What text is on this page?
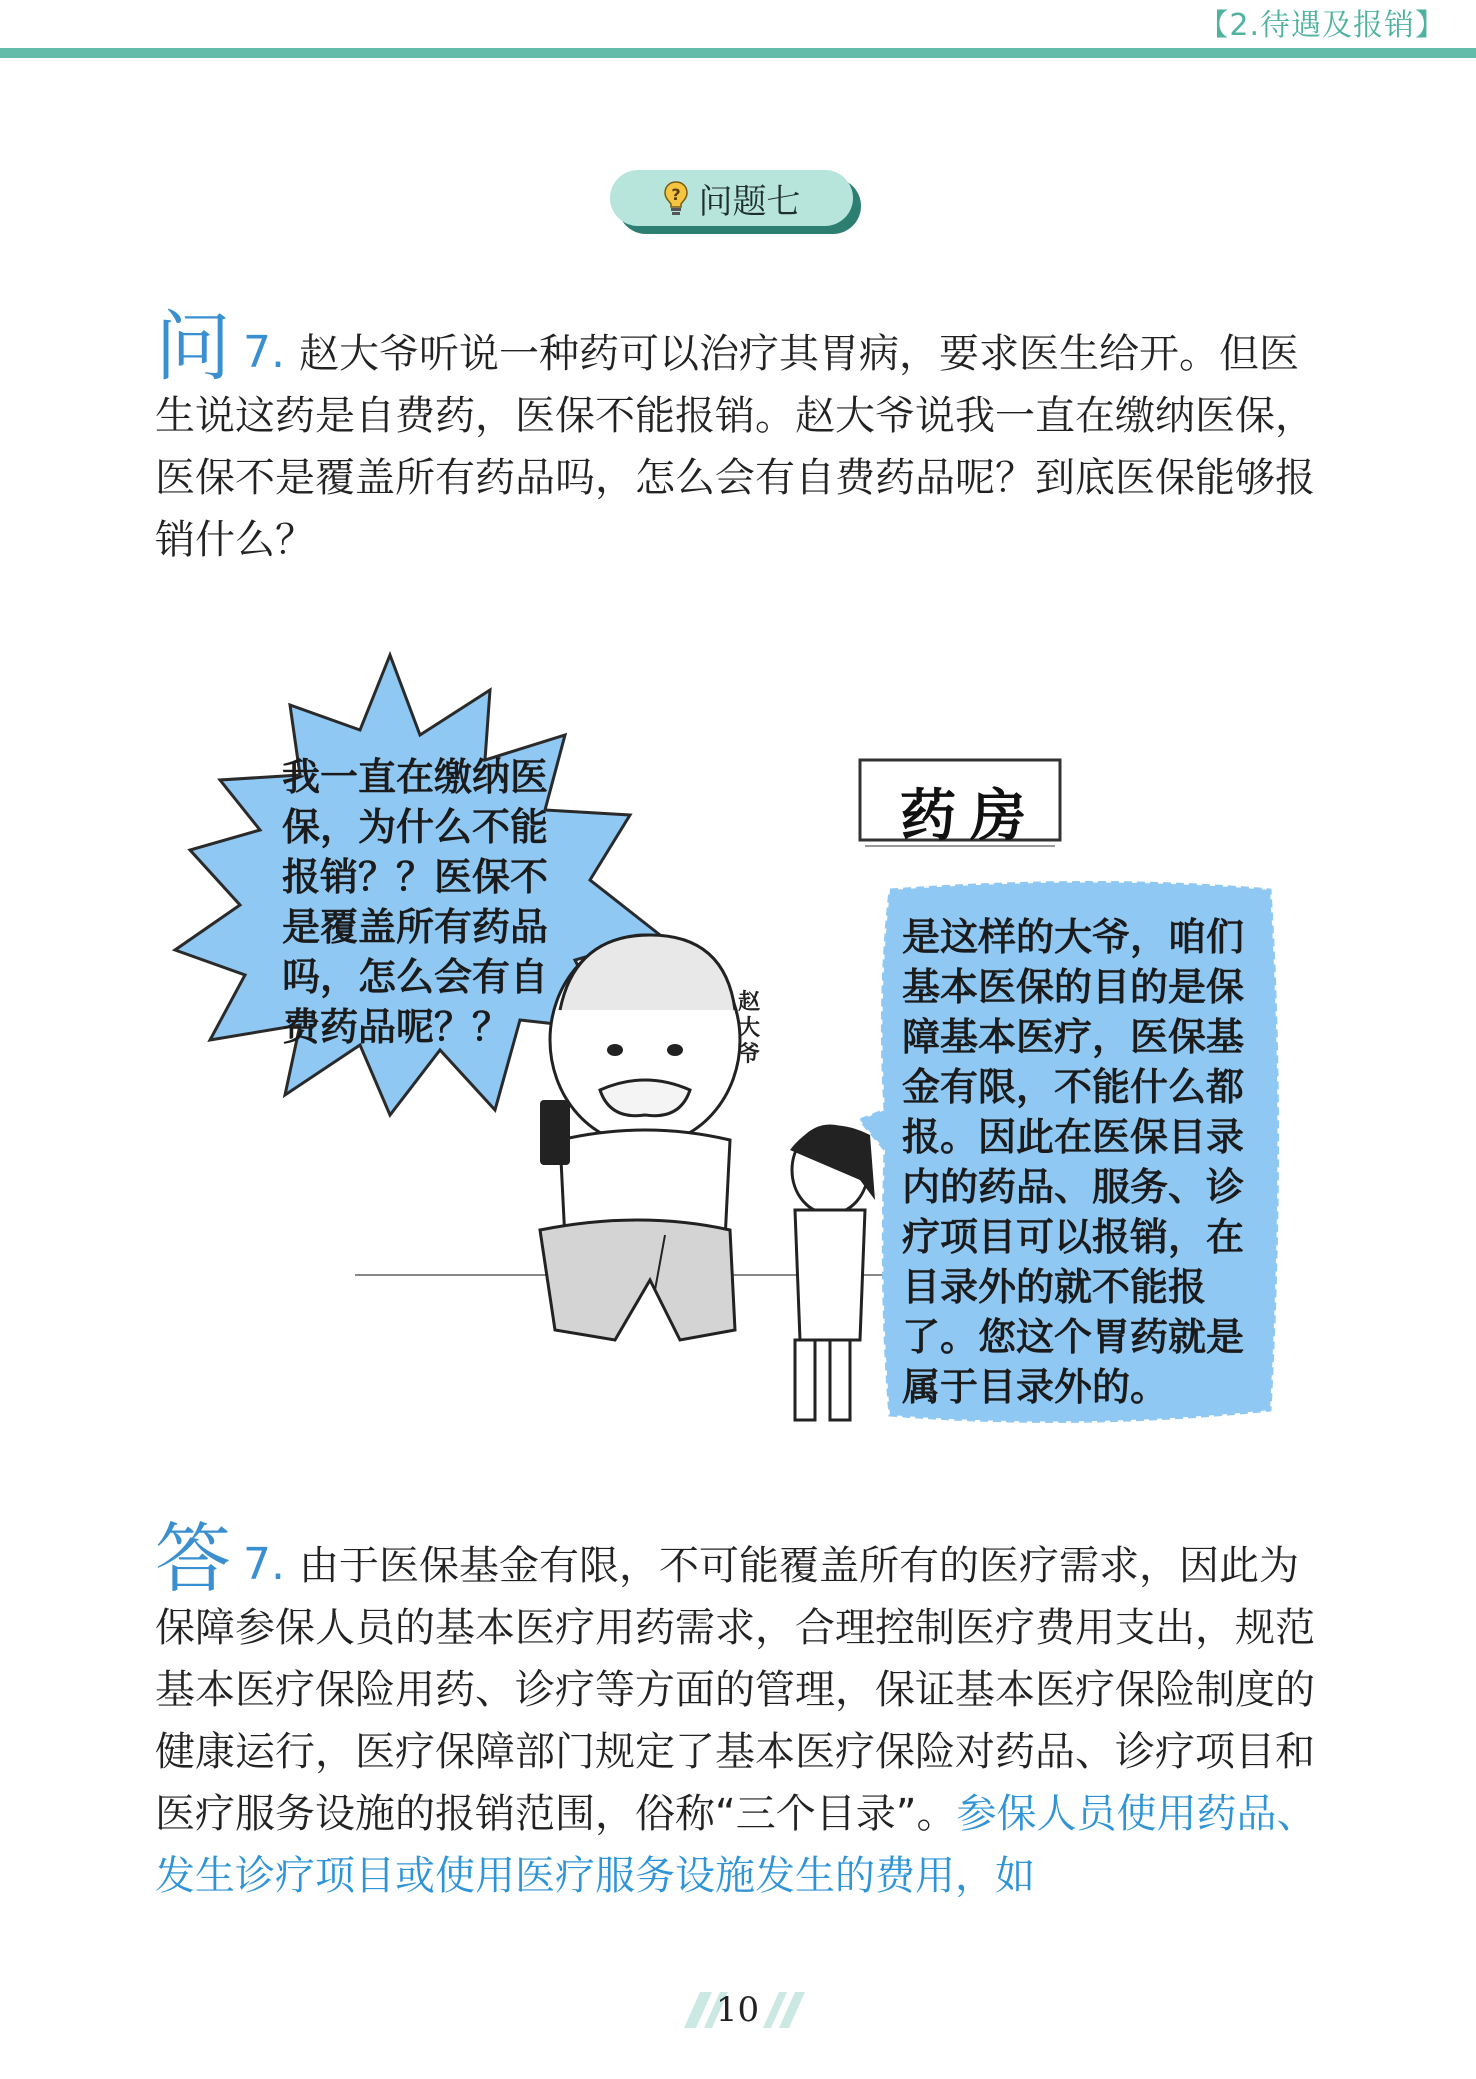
【2.待遇及报销】
? 问题七

问 7. 赵大爷听说一种药可以治疗其胃病，要求医生给开。但医生说这药是自费药，医保不能报销。赵大爷说我一直在缴纳医保，医保不是覆盖所有药品吗，怎么会有自费药品呢？到底医保能够报销什么？

我一直在缴纳医保，为什么不能报销？？医保不是覆盖所有药品吗，怎么会有自费药品呢？？

药房
赵大爷

是这样的大爷，咱们基本医保的目的是保障基本医疗，医保基金有限，不能什么都报。因此在医保目录内的药品、服务、诊疗项目可以报销，在目录外的就不能报了。您这个胃药就是属于目录外的。

答 7. 由于医保基金有限，不可能覆盖所有的医疗需求，因此为保障参保人员的基本医疗用药需求，合理控制医疗费用支出，规范基本医疗保险用药、诊疗等方面的管理，保证基本医疗保险制度的健康运行，医疗保障部门规定了基本医疗保险对药品、诊疗项目和医疗服务设施的报销范围，俗称“三个目录”。参保人员使用药品、发生诊疗项目或使用医疗服务设施发生的费用，如

10
